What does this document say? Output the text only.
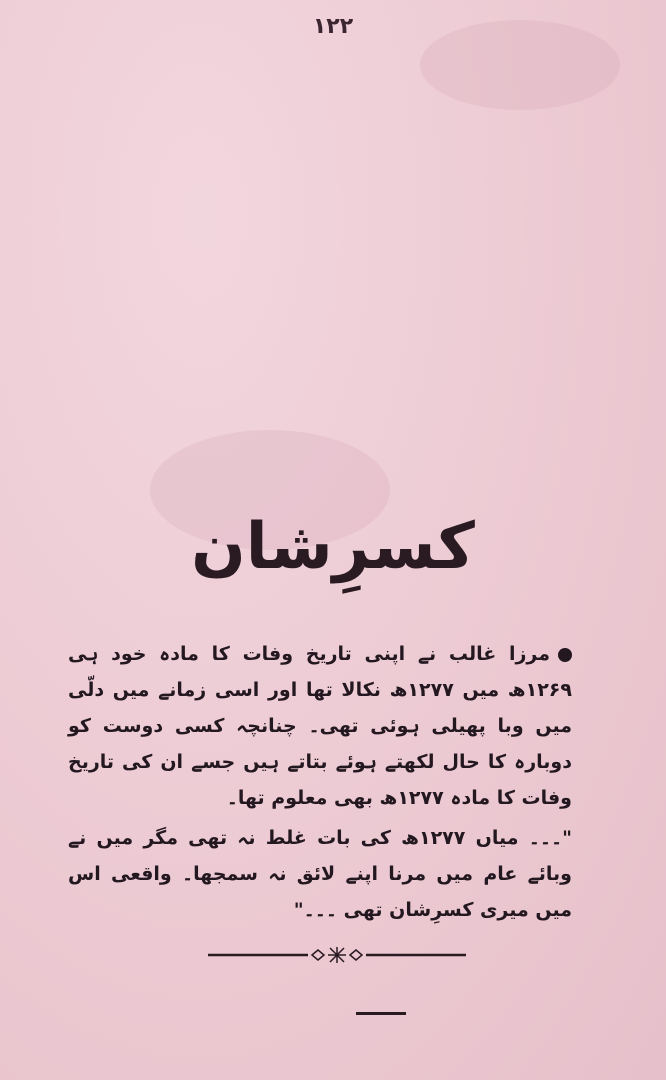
۱۲۲
کسرِشان

مرزا غالب نے اپنی تاریخ وفات کا مادہ خود ہی ۱۲۶۹ھ میں ۱۲۷۷ھ نکالا تھا اور اسی زمانے میں دلّی میں وبا پھیلی ہوئی تھی۔ چنانچہ کسی دوست کو دوبارہ کا حال لکھتے ہوئے بتاتے ہیں جسے ان کی تاریخ وفات کا مادہ ۱۲۷۷ھ بھی معلوم تھا۔

"۔۔۔ میاں ۱۲۷۷ھ کی بات غلط نہ تھی مگر میں نے وبائے عام میں مرنا اپنے لائق نہ سمجھا۔ واقعی اس میں میری کسرِشان تھی ۔۔۔"
